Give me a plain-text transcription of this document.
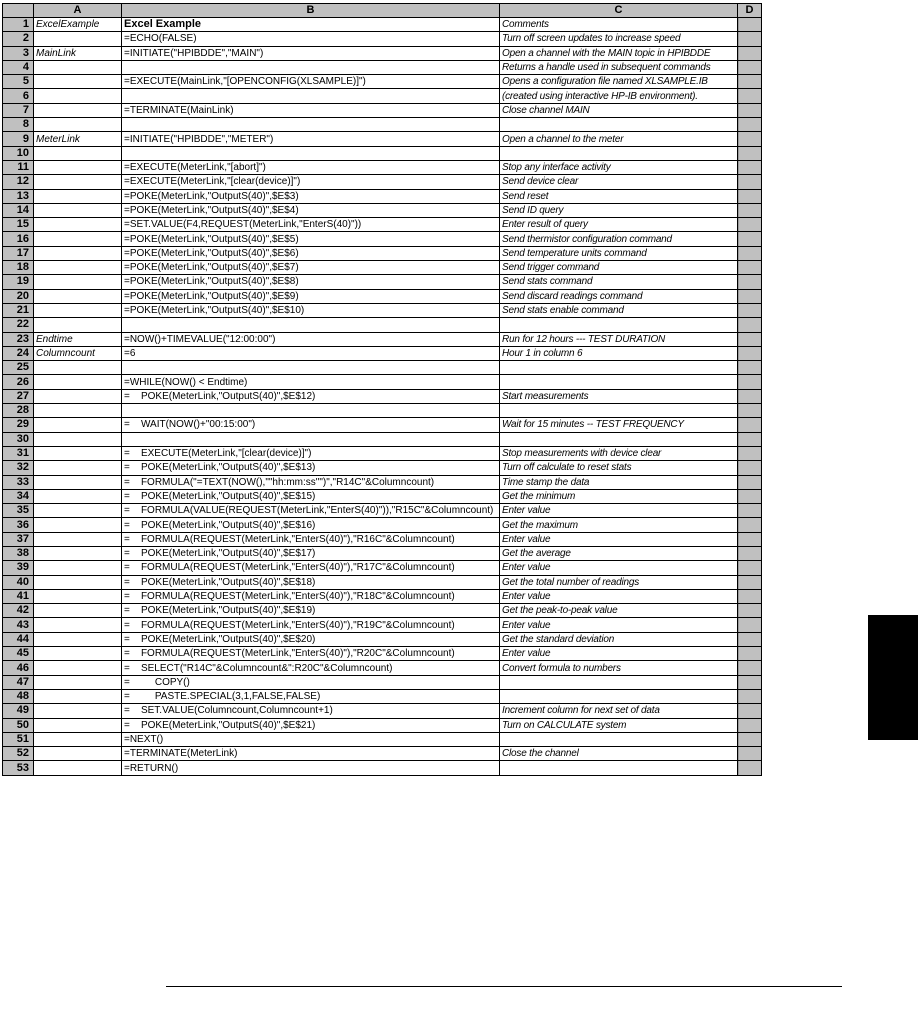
	A	B	C	D
1	ExcelExample	Excel Example	Comments	
2		=ECHO(FALSE)	Turn off screen updates to increase speed	
3	MainLink	=INITIATE("HPIBDDE","MAIN")	Open a channel with the MAIN topic in HPIBDDE	
4			Returns a handle used in subsequent commands	
5		=EXECUTE(MainLink,"[OPENCONFIG(XLSAMPLE)]")	Opens a configuration file named XLSAMPLE.IB	
6			(created using interactive HP-IB environment).	
7		=TERMINATE(MainLink)	Close channel MAIN	
8				
9	MeterLink	=INITIATE("HPIBDDE","METER")	Open a channel to the meter	
10				
11		=EXECUTE(MeterLink,"[abort]")	Stop any interface activity	
12		=EXECUTE(MeterLink,"[clear(device)]")	Send device clear	
13		=POKE(MeterLink,"OutputS(40)",$E$3)	Send reset	
14		=POKE(MeterLink,"OutputS(40)",$E$4)	Send ID query	
15		=SET.VALUE(F4,REQUEST(MeterLink,"EnterS(40)"))	Enter result of query	
16		=POKE(MeterLink,"OutputS(40)",$E$5)	Send thermistor configuration command	
17		=POKE(MeterLink,"OutputS(40)",$E$6)	Send temperature units command	
18		=POKE(MeterLink,"OutputS(40)",$E$7)	Send trigger command	
19		=POKE(MeterLink,"OutputS(40)",$E$8)	Send stats command	
20		=POKE(MeterLink,"OutputS(40)",$E$9)	Send discard readings command	
21		=POKE(MeterLink,"OutputS(40)",$E$10)	Send stats enable command	
22				
23	Endtime	=NOW()+TIMEVALUE("12:00:00")	Run for 12 hours --- TEST DURATION	
24	Columncount	=6	Hour 1 in column 6	
25				
26		=WHILE(NOW() < Endtime)		
27		=    POKE(MeterLink,"OutputS(40)",$E$12)	Start measurements	
28				
29		=    WAIT(NOW()+"00:15:00")	Wait for 15 minutes -- TEST FREQUENCY	
30				
31		=    EXECUTE(MeterLink,"[clear(device)]")	Stop measurements with device clear	
32		=    POKE(MeterLink,"OutputS(40)",$E$13)	Turn off calculate to reset stats	
33		=    FORMULA("=TEXT(NOW(),""hh:mm:ss"")","R14C"&Columncount)	Time stamp the data	
34		=    POKE(MeterLink,"OutputS(40)",$E$15)	Get the minimum	
35		=    FORMULA(VALUE(REQUEST(MeterLink,"EnterS(40)")),"R15C"&Columncount)	Enter value	
36		=    POKE(MeterLink,"OutputS(40)",$E$16)	Get the maximum	
37		=    FORMULA(REQUEST(MeterLink,"EnterS(40)"),"R16C"&Columncount)	Enter value	
38		=    POKE(MeterLink,"OutputS(40)",$E$17)	Get the average	
39		=    FORMULA(REQUEST(MeterLink,"EnterS(40)"),"R17C"&Columncount)	Enter value	
40		=    POKE(MeterLink,"OutputS(40)",$E$18)	Get the total number of readings	
41		=    FORMULA(REQUEST(MeterLink,"EnterS(40)"),"R18C"&Columncount)	Enter value	
42		=    POKE(MeterLink,"OutputS(40)",$E$19)	Get the peak-to-peak value	
43		=    FORMULA(REQUEST(MeterLink,"EnterS(40)"),"R19C"&Columncount)	Enter value	
44		=    POKE(MeterLink,"OutputS(40)",$E$20)	Get the standard deviation	
45		=    FORMULA(REQUEST(MeterLink,"EnterS(40)"),"R20C"&Columncount)	Enter value	
46		=    SELECT("R14C"&Columncount&":R20C"&Columncount)	Convert formula to numbers	
47		=         COPY()		
48		=         PASTE.SPECIAL(3,1,FALSE,FALSE)		
49		=    SET.VALUE(Columncount,Columncount+1)	Increment column for next set of data	
50		=    POKE(MeterLink,"OutputS(40)",$E$21)	Turn on CALCULATE system	
51		=NEXT()		
52		=TERMINATE(MeterLink)	Close the channel	
53		=RETURN()		
